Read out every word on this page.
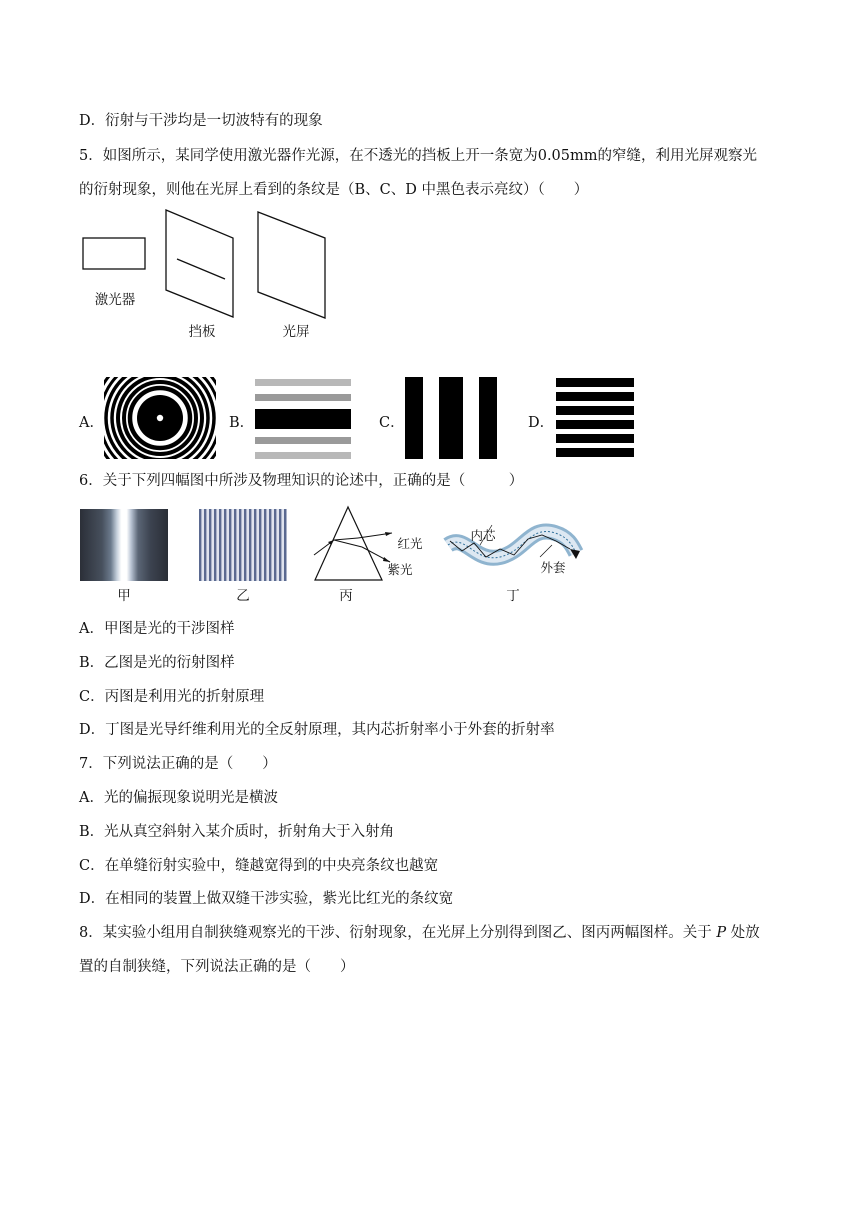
D．衍射与干涉均是一切波特有的现象
5．如图所示，某同学使用激光器作光源，在不透光的挡板上开一条宽为0.05mm的窄缝，利用光屏观察光
的衍射现象，则他在光屏上看到的条纹是（B、C、D 中黑色表示亮纹）（　　）
激光器
挡板	光屏
A．	B．	C．	D．
6．关于下列四幅图中所涉及物理知识的论述中，正确的是（　　　）
甲	乙
红光
紫光
丙
内芯
外套
丁
A．甲图是光的干涉图样
B．乙图是光的衍射图样
C．丙图是利用光的折射原理
D．丁图是光导纤维利用光的全反射原理，其内芯折射率小于外套的折射率
7．下列说法正确的是（　　）
A．光的偏振现象说明光是横波
B．光从真空斜射入某介质时，折射角大于入射角
C．在单缝衍射实验中，缝越宽得到的中央亮条纹也越宽
D．在相同的装置上做双缝干涉实验，紫光比红光的条纹宽
8．某实验小组用自制狭缝观察光的干涉、衍射现象，在光屏上分别得到图乙、图丙两幅图样。关于 P 处放
置的自制狭缝，下列说法正确的是（　　）
